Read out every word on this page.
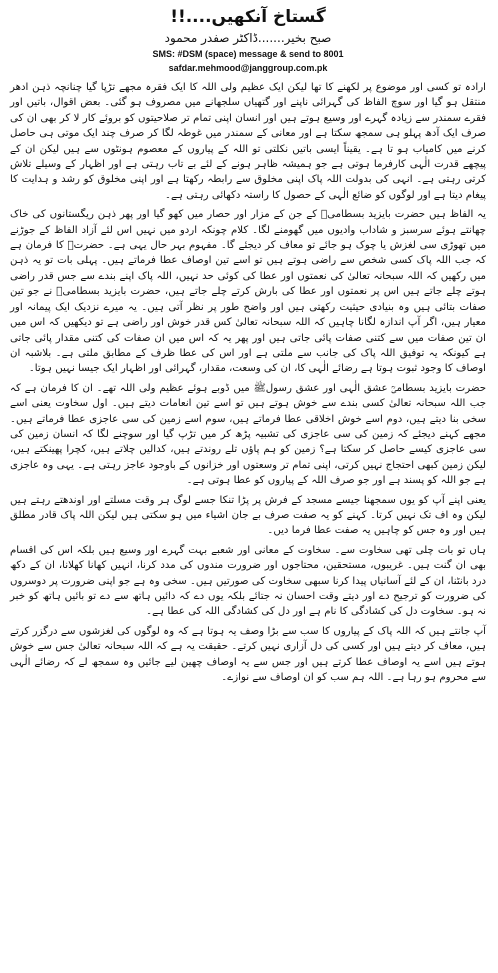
گستاخ آنکھیں....!!
صبح بخیر.......ڈاکٹر صفدر محمود
SMS: #DSM (space) message & send to 8001
safdar.mehmood@janggroup.com.pk

ارادہ تو کسی اور موضوع پر لکھنے کا تھا لیکن ایک عظیم ولی اللہ کا ایک فقرہ مجھے تڑپا گیا چنانچہ ذہن ادھر منتقل ہو گیا اور سوچ الفاظ کی گہرائی ناپنے اور گتھیاں سلجھانے میں مصروف ہو گئی۔ بعض اقوال، باتیں اور فقرے سمندر سے زیادہ گہرے اور وسیع ہوتے ہیں اور انسان اپنی تمام تر صلاحیتوں کو بروئے کار لا کر بھی ان کی صرف ایک آدھ پہلو ہی سمجھ سکتا ہے اور معانی کے سمندر میں غوطہ لگا کر صرف چند ایک موتی ہی حاصل کرنے میں کامیاب ہو تا ہے۔ یقیناً ایسی باتیں نکلتی تو اللہ کے پیاروں کے معصوم ہونٹوں سے ہیں لیکن ان کے پیچھے قدرت الٰہی کارفرما ہوتی ہے جو ہمیشہ ظاہر ہونے کے لئے بے تاب رہتی ہے اور اظہار کے وسیلے تلاش کرتی رہتی ہے۔ انہی کی بدولت اللہ پاک اپنی مخلوق سے رابطہ رکھتا ہے اور اپنی مخلوق کو رشد و ہدایت کا پیغام دیتا ہے اور لوگوں کو ضائع الٰہی کے حصول کا راستہ دکھائی رہتی ہے۔

یہ الفاظ ہیں حضرت بایزید بسطامیؒ کے جن کے مزار اور حصار میں کھو گیا اور پھر ذہن ریگستانوں کی خاک چھانتے ہوئے سرسبز و شاداب وادیوں میں گھومنے لگا۔ کلام چونکہ اردو میں نہیں اس لئے آزاد الفاظ کے جوڑنے میں تھوڑی سی لغزش یا چوک ہو جائے تو معاف کر دیجئے گا۔ مفہوم بہر حال یہی ہے۔ حضرتؒ کا فرمان ہے کہ جب اللہ پاک کسی شخص سے راضی ہوتے ہیں تو اسے تین اوصاف عطا فرماتے ہیں۔ پہلی بات تو یہ ذہن میں رکھیں کہ اللہ سبحانہ تعالیٰ کی نعمتوں اور عطا کی کوئی حد نہیں، اللہ پاک اپنے بندے سے جس قدر راضی ہوتے چلے جاتے ہیں اس پر نعمتوں اور عطا کی بارش کرتے چلے جاتے ہیں، حضرت بایزید بسطامیؒ نے جو تین صفات بتائی ہیں وہ بنیادی حیثیت رکھتی ہیں اور واضح طور پر نظر آتی ہیں۔ یہ میرے نزدیک ایک پیمانہ اور معیار ہیں، اگر آپ اندازہ لگانا چاہیں کہ اللہ سبحانہ تعالیٰ کس قدر خوش اور راضی ہے تو دیکھیں کہ اس میں ان تین صفات میں سے کتنی صفات پائی جاتی ہیں اور پھر یہ کہ اس میں ان صفات کی کتنی مقدار پائی جاتی ہے کیونکہ یہ توفیق اللہ پاک کی جانب سے ملتی ہے اور اس کی عطا ظرف کے مطابق ملتی ہے۔ بلاشبہ ان اوصاف کا وجود ثبوت ہوتا ہے رضائے الٰہی کا، ان کی وسعت، مقدار، گہرائی اور اظہار ایک جیسا نہیں ہوتا۔

حضرت بایزید بسطامیؒ عشق الٰہی اور عشق رسولﷺ میں ڈوبے ہوئے عظیم ولی اللہ تھے۔ ان کا فرمان ہے کہ جب اللہ سبحانہ تعالیٰ کسی بندے سے خوش ہوتے ہیں تو اسے تین انعامات دیتے ہیں۔ اول سخاوت یعنی اسے سخی بنا دیتے ہیں، دوم اسے خوش اخلاقی عطا فرماتے ہیں، سوم اسے زمین کی سی عاجزی عطا فرماتے ہیں۔ مجھے کہنے دیجئے کہ زمین کی سی عاجزی کی تشبیہ پڑھ کر میں تڑپ گیا اور سوچنے لگا کہ انسان زمین کی سی عاجزی کیسے حاصل کر سکتا ہے؟ زمین کو ہم پاؤں تلے روندتے ہیں، کدالیں چلاتے ہیں، کچرا پھینکتے ہیں، لیکن زمین کبھی احتجاج نہیں کرتی، اپنی تمام تر وسعتوں اور خزانوں کے باوجود عاجز رہتی ہے۔ یہی وہ عاجزی ہے جو اللہ کو پسند ہے اور جو صرف اللہ کے پیاروں کو عطا ہوتی ہے۔

یعنی اپنے آپ کو یوں سمجھنا جیسے مسجد کے فرش پر پڑا تنکا جسے لوگ ہر وقت مسلتے اور اوندھتے رہتے ہیں لیکن وہ اف تک نہیں کرتا۔ کہنے کو یہ صفت صرف بے جان اشیاء میں ہو سکتی ہیں لیکن اللہ پاک قادر مطلق ہیں اور وہ جس کو چاہیں یہ صفت عطا فرما دیں۔

ہاں تو بات چلی تھی سخاوت سے۔ سخاوت کے معانی اور شعبے بہت گہرے اور وسیع ہیں بلکہ اس کی اقسام بھی ان گنت ہیں۔ غریبوں، مستحقین، محتاجوں اور ضرورت مندوں کی مدد کرنا، انہیں کھانا کھلانا، ان کے دکھ درد بانٹنا، ان کے لئے آسانیاں پیدا کرنا سبھی سخاوت کی صورتیں ہیں۔ سخی وہ ہے جو اپنی ضرورت پر دوسروں کی ضرورت کو ترجیح دے اور دیتے وقت احسان نہ جتائے بلکہ یوں دے کہ دائیں ہاتھ سے دے تو بائیں ہاتھ کو خبر نہ ہو۔ سخاوت دل کی کشادگی کا نام ہے اور دل کی کشادگی اللہ کی عطا ہے۔

آپ جانتے ہیں کہ اللہ پاک کے پیاروں کا سب سے بڑا وصف یہ ہوتا ہے کہ وہ لوگوں کی لغزشوں سے درگزر کرتے ہیں، معاف کر دیتے ہیں اور کسی کی دل آزاری نہیں کرتے۔ حقیقت یہ ہے کہ اللہ سبحانہ تعالیٰ جس سے خوش ہوتے ہیں اسے یہ اوصاف عطا کرتے ہیں اور جس سے یہ اوصاف چھین لیے جائیں وہ سمجھ لے کہ رضائے الٰہی سے محروم ہو رہا ہے۔ اللہ ہم سب کو ان اوصاف سے نوازے۔
